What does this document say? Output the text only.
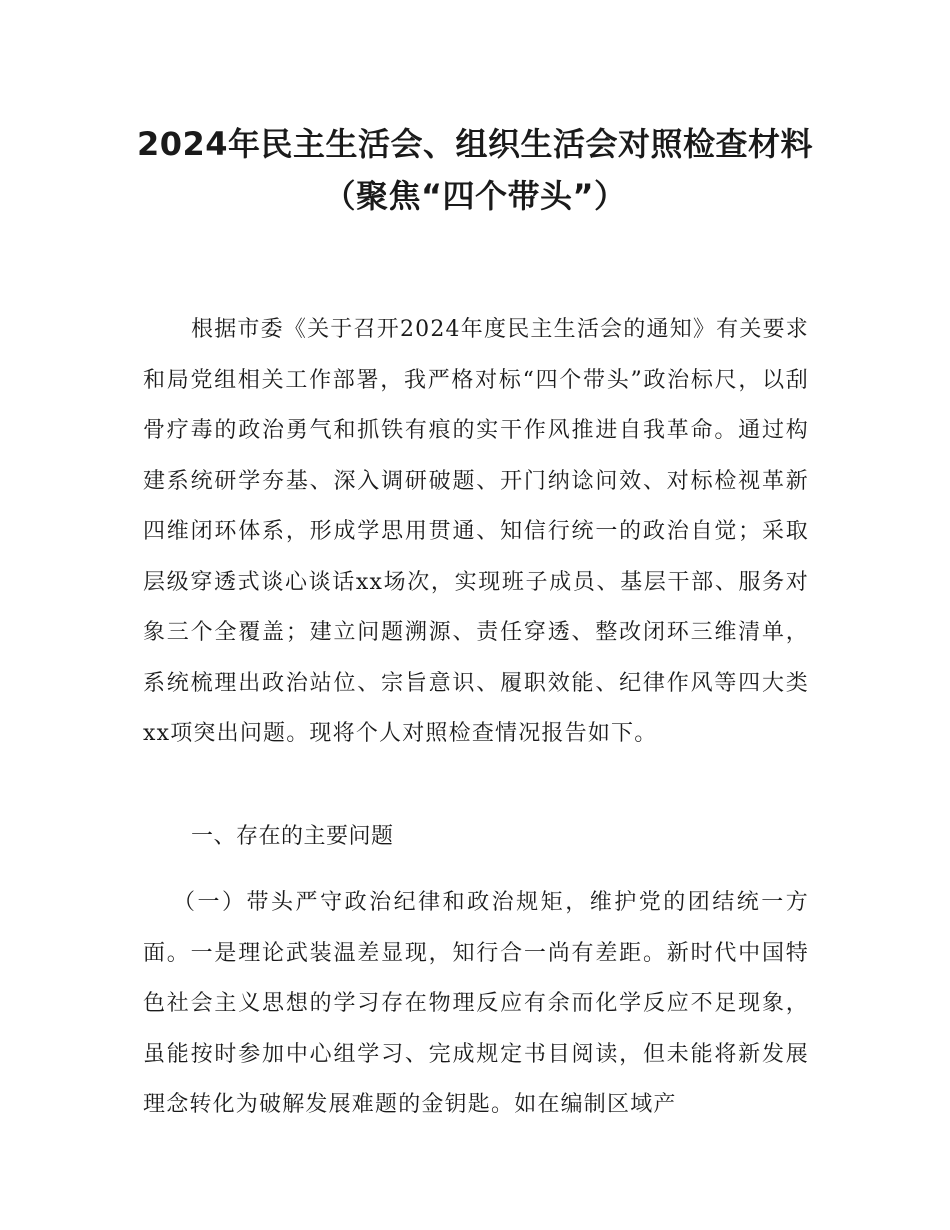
2024年民主生活会、组织生活会对照检查材料（聚焦“四个带头”）
根据市委《关于召开2024年度民主生活会的通知》有关要求和局党组相关工作部署，我严格对标“四个带头”政治标尺，以刮骨疗毒的政治勇气和抓铁有痕的实干作风推进自我革命。通过构建系统研学夯基、深入调研破题、开门纳谂问效、对标检视革新四维闭环体系，形成学思用贯通、知信行统一的政治自觉；采取层级穿透式谈心谈话xx场次，实现班子成员、基层干部、服务对象三个全覆盖；建立问题溯源、责任穿透、整改闭环三维清单，系统梳理出政治站位、宗旨意识、履职效能、纪律作风等四大类xx项突出问题。现将个人对照检查情况报告如下。
一、存在的主要问题
（一）带头严守政治纪律和政治规矩，维护党的团结统一方面。一是理论武装温差显现，知行合一尚有差距。新时代中国特色社会主义思想的学习存在物理反应有余而化学反应不足现象，虽能按时参加中心组学习、完成规定书目阅读，但未能将新发展理念转化为破解发展难题的金钥匙。如在编制区域产
